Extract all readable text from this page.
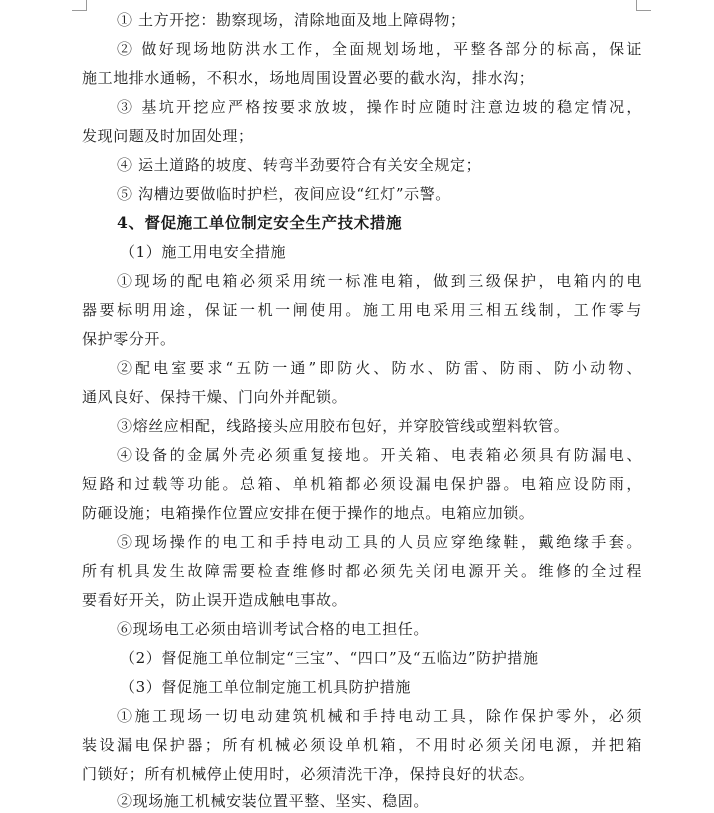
① 土方开挖：勘察现场，清除地面及地上障碍物；
② 做好现场地防洪水工作，全面规划场地，平整各部分的标高，保证
施工地排水通畅，不积水，场地周围设置必要的截水沟，排水沟；
③ 基坑开挖应严格按要求放坡，操作时应随时注意边坡的稳定情况，
发现问题及时加固处理；
④ 运土道路的坡度、转弯半劲要符合有关安全规定；
⑤ 沟槽边要做临时护栏，夜间应设“红灯”示警。
4、督促施工单位制定安全生产技术措施
（1）施工用电安全措施
①现场的配电箱必须采用统一标准电箱，做到三级保护，电箱内的电
器要标明用途，保证一机一闸使用。施工用电采用三相五线制，工作零与
保护零分开。
②配电室要求“五防一通”即防火、防水、防雷、防雨、防小动物、
通风良好、保持干燥、门向外并配锁。
③熔丝应相配，线路接头应用胶布包好，并穿胶管线或塑料软管。
④设备的金属外壳必须重复接地。开关箱、电表箱必须具有防漏电、
短路和过载等功能。总箱、单机箱都必须设漏电保护器。电箱应设防雨，
防砸设施；电箱操作位置应安排在便于操作的地点。电箱应加锁。
⑤现场操作的电工和手持电动工具的人员应穿绝缘鞋，戴绝缘手套。
所有机具发生故障需要检查维修时都必须先关闭电源开关。维修的全过程
要看好开关，防止误开造成触电事故。
⑥现场电工必须由培训考试合格的电工担任。
（2）督促施工单位制定“三宝”、“四口”及“五临边”防护措施
（3）督促施工单位制定施工机具防护措施
①施工现场一切电动建筑机械和手持电动工具，除作保护零外，必须
装设漏电保护器；所有机械必须设单机箱，不用时必须关闭电源，并把箱
门锁好；所有机械停止使用时，必须清洗干净，保持良好的状态。
②现场施工机械安装位置平整、坚实、稳固。
